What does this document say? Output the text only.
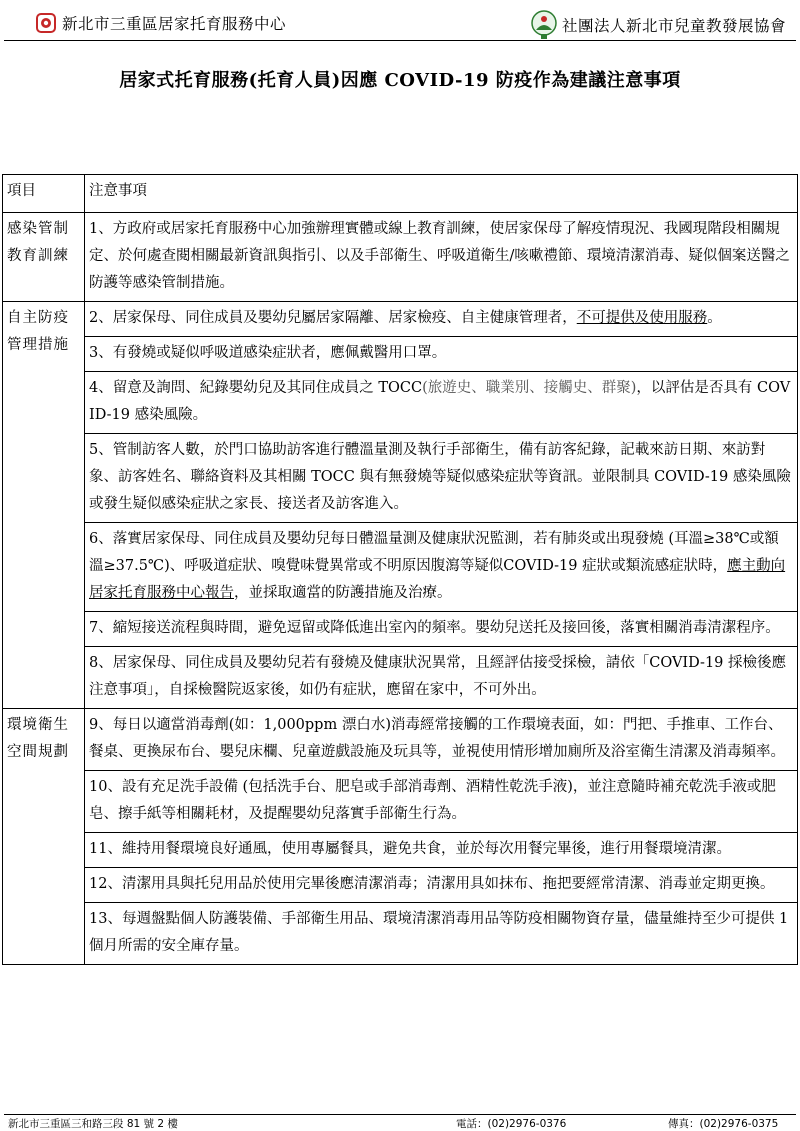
新北市三重區居家托育服務中心	社團法人新北市兒童教發展協會
居家式托育服務(托育人員)因應 COVID-19 防疫作為建議注意事項
項目	注意事項
感染管制教育訓練	1、方政府或居家托育服務中心加強辦理實體或線上教育訓練，使居家保母了解疫情現況、我國現階段相關規定、於何處查閱相關最新資訊與指引、以及手部衛生、呼吸道衛生/咳嗽禮節、環境清潔消毒、疑似個案送醫之防護等感染管制措施。
自主防疫管理措施	2、居家保母、同住成員及嬰幼兒屬居家隔離、居家檢疫、自主健康管理者，不可提供及使用服務。
	3、有發燒或疑似呼吸道感染症狀者，應佩戴醫用口罩。
	4、留意及詢問、紀錄嬰幼兒及其同住成員之 TOCC(旅遊史、職業別、接觸史、群聚)，以評估是否具有 COVID-19 感染風險。
	5、管制訪客人數，於門口協助訪客進行體溫量測及執行手部衛生，備有訪客紀錄，記載來訪日期、來訪對象、訪客姓名、聯絡資料及其相關 TOCC 與有無發燒等疑似感染症狀等資訊。並限制具 COVID-19 感染風險或發生疑似感染症狀之家長、接送者及訪客進入。
	6、落實居家保母、同住成員及嬰幼兒每日體溫量測及健康狀況監測，若有肺炎或出現發燒 (耳溫≥38℃或額溫≥37.5℃)、呼吸道症狀、嗅覺味覺異常或不明原因腹瀉等疑似COVID-19 症狀或類流感症狀時，應主動向居家托育服務中心報告，並採取適當的防護措施及治療。
	7、縮短接送流程與時間，避免逗留或降低進出室內的頻率。嬰幼兒送托及接回後，落實相關消毒清潔程序。
	8、居家保母、同住成員及嬰幼兒若有發燒及健康狀況異常，且經評估接受採檢，請依「COVID-19 採檢後應注意事項」，自採檢醫院返家後，如仍有症狀，應留在家中，不可外出。
環境衛生空間規劃	9、每日以適當消毒劑(如：1,000ppm 漂白水)消毒經常接觸的工作環境表面，如：門把、手推車、工作台、餐桌、更換尿布台、嬰兒床欄、兒童遊戲設施及玩具等，並視使用情形增加廁所及浴室衛生清潔及消毒頻率。
	10、設有充足洗手設備 (包括洗手台、肥皂或手部消毒劑、酒精性乾洗手液)，並注意隨時補充乾洗手液或肥皂、擦手紙等相關耗材，及提醒嬰幼兒落實手部衛生行為。
	11、維持用餐環境良好通風，使用專屬餐具，避免共食，並於每次用餐完畢後，進行用餐環境清潔。
	12、清潔用具與托兒用品於使用完畢後應清潔消毒；清潔用具如抹布、拖把要經常清潔、消毒並定期更換。
	13、每週盤點個人防護裝備、手部衛生用品、環境清潔消毒用品等防疫相關物資存量，儘量維持至少可提供 1 個月所需的安全庫存量。
新北市三重區三和路三段 81 號 2 樓	電話：(02)2976-0376	傳真：(02)2976-0375
